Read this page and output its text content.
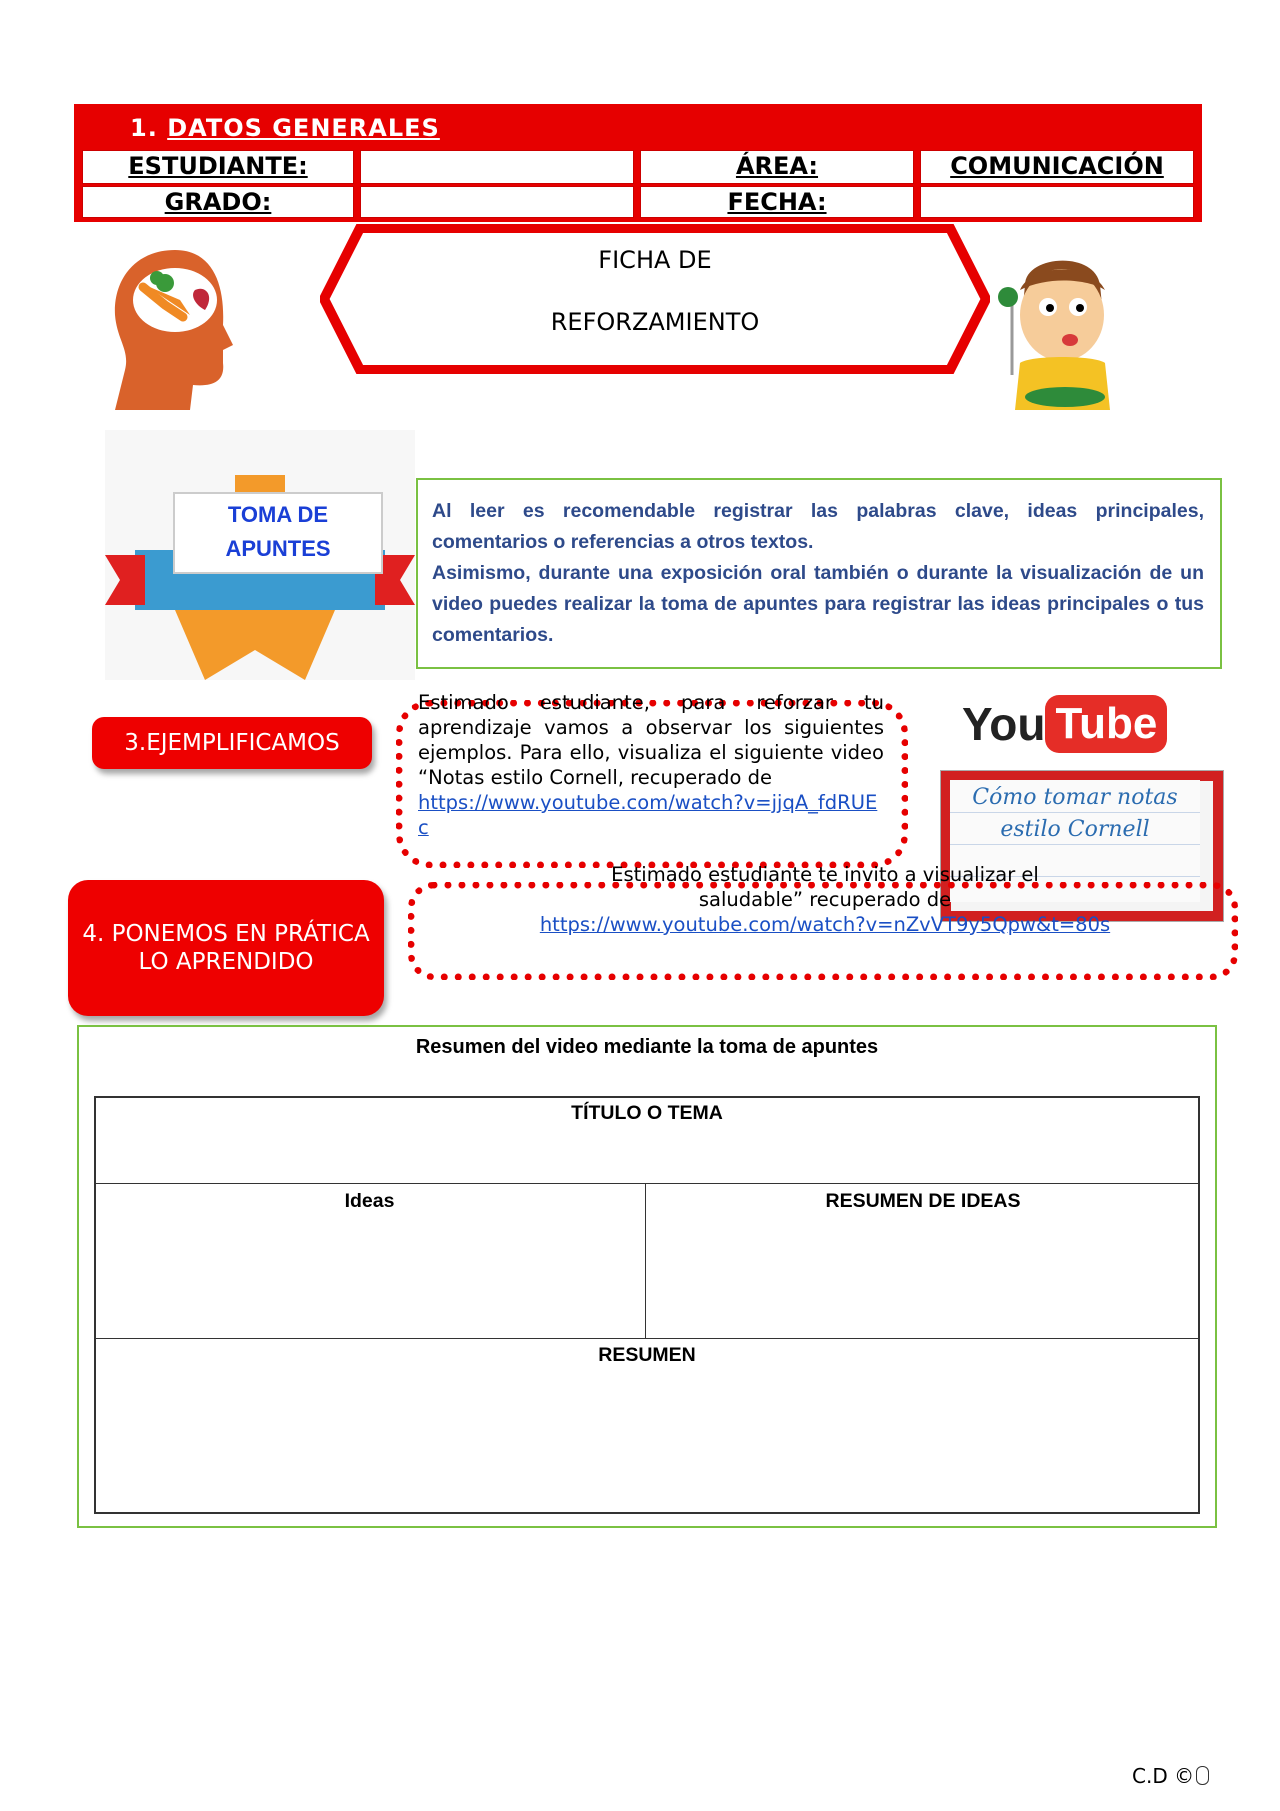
1. DATOS GENERALES
ESTUDIANTE:	ÁREA:	COMUNICACIÓN
GRADO:	FECHA:
FICHA DE
REFORZAMIENTO
TOMA DE
APUNTES

Al leer es recomendable registrar las palabras clave, ideas principales, comentarios o referencias a otros textos.

Asimismo, durante una exposición oral también o durante la visualización de un video puedes realizar la toma de apuntes para registrar las ideas principales o tus comentarios.

3.EJEMPLIFICAMOS
Estimado estudiante, para reforzar tu aprendizaje vamos a observar los siguientes ejemplos. Para ello, visualiza el siguiente video “Notas estilo Cornell, recuperado de
https://www.youtube.com/watch?v=jjqA_fdRUEc
Cómo tomar notas estilo Cornell
You Tube
4. PONEMOS EN PRÁTICA LO APRENDIDO
Estimado estudiante te invito a visualizar el
saludable” recuperado de
https://www.youtube.com/watch?v=nZvVT9y5Qpw&t=80s
Resumen del video mediante la toma de apuntes
TÍTULO O TEMA
Ideas	RESUMEN DE IDEAS
RESUMEN
C.D ©
